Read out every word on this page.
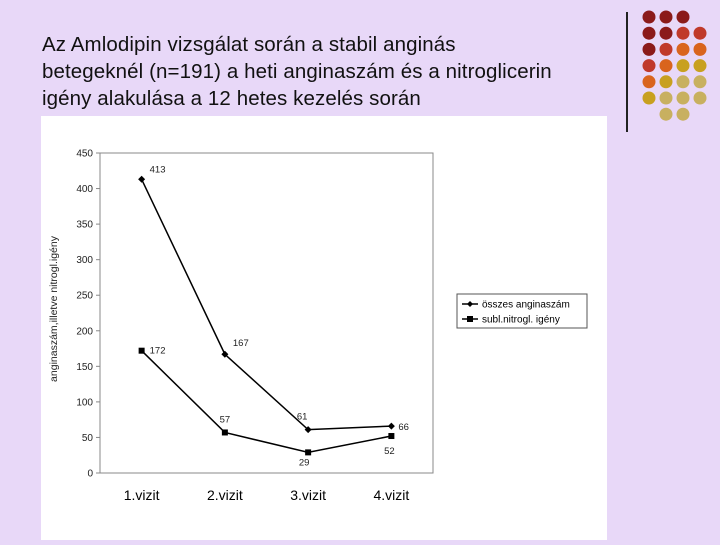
Az Amlodipin vizsgálat során a stabil anginás
betegeknél (n=191) a heti anginaszám és a nitroglicerin
igény alakulása a 12 hetes kezelés során
0
50
100
150
200
250
300
350
400
450
1.vizit	2.vizit	3.vizit	4.vizit
anginaszám,illetve nitrogl.igény
413
167
61
66
172
57
29
52
összes anginaszám
subl.nitrogl. igény
